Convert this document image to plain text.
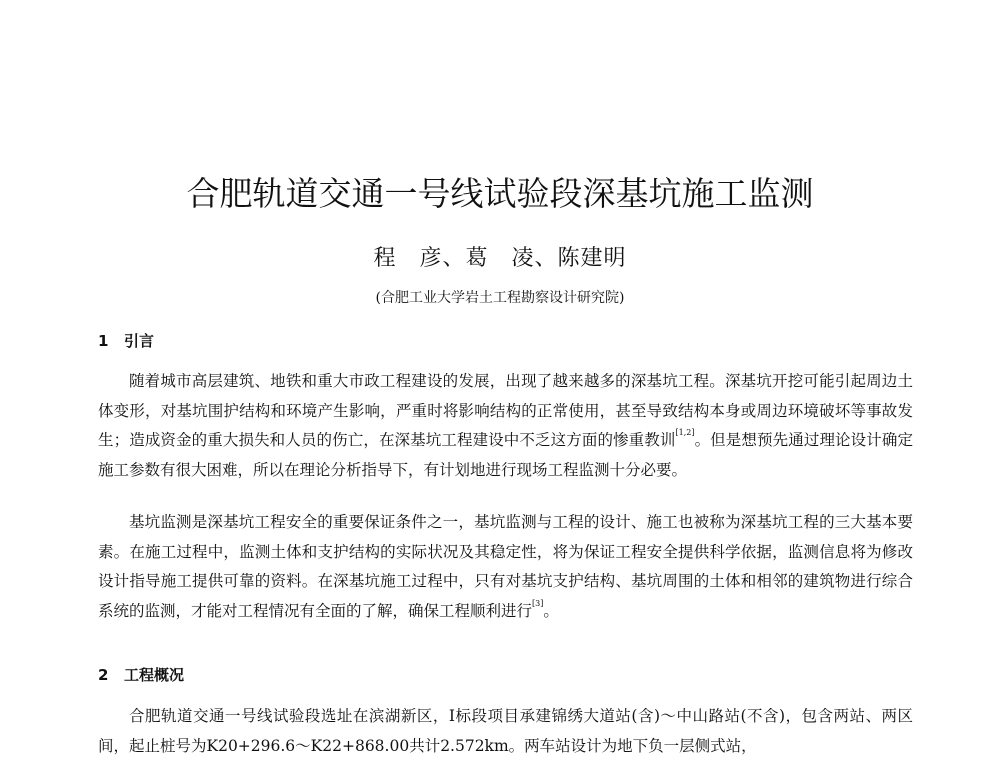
合肥轨道交通一号线试验段深基坑施工监测
程　彦、葛　凌、陈建明
(合肥工业大学岩土工程勘察设计研究院)
1 引言
随着城市高层建筑、地铁和重大市政工程建设的发展，出现了越来越多的深基坑工程。深基坑开挖可能引起周边土体变形，对基坑围护结构和环境产生影响，严重时将影响结构的正常使用，甚至导致结构本身或周边环境破坏等事故发生；造成资金的重大损失和人员的伤亡，在深基坑工程建设中不乏这方面的惨重教训[1,2]。但是想预先通过理论设计确定施工参数有很大困难，所以在理论分析指导下，有计划地进行现场工程监测十分必要。
基坑监测是深基坑工程安全的重要保证条件之一，基坑监测与工程的设计、施工也被称为深基坑工程的三大基本要素。在施工过程中，监测土体和支护结构的实际状况及其稳定性，将为保证工程安全提供科学依据，监测信息将为修改设计指导施工提供可靠的资料。在深基坑施工过程中，只有对基坑支护结构、基坑周围的土体和相邻的建筑物进行综合系统的监测，才能对工程情况有全面的了解，确保工程顺利进行[3]。
2 工程概况
合肥轨道交通一号线试验段选址在滨湖新区，Ⅰ标段项目承建锦绣大道站(含)～中山路站(不含)，包含两站、两区间，起止桩号为K20+296.6～K22+868.00共计2.572km。两车站设计为地下负一层侧式站，
